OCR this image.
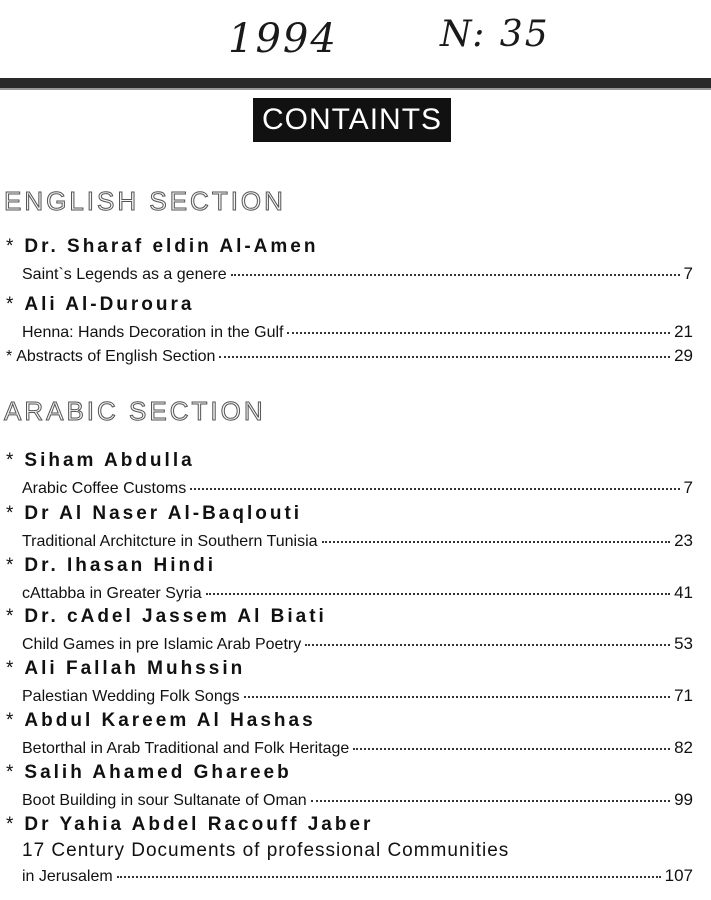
1994	N: 35
CONTAINTS
ENGLISH SECTION
* Dr. Sharaf eldin Al-Amen
Saint`s Legends as a genere	7
* Ali Al-Duroura
Henna: Hands Decoration in the Gulf	21
* Abstracts of English Section	29
ARABIC SECTION
* Siham Abdulla
Arabic Coffee Customs	7
* Dr Al Naser Al-Baqlouti
Traditional Architcture in Southern Tunisia	23
* Dr. Ihasan Hindi
cAttabba in Greater Syria	41
* Dr. cAdel Jassem Al Biati
Child Games in pre Islamic Arab Poetry	53
* Ali Fallah Muhssin
Palestian Wedding Folk Songs	71
* Abdul Kareem Al Hashas
Betorthal in Arab Traditional and Folk Heritage	82
* Salih Ahamed Ghareeb
Boot Building in sour Sultanate of Oman	99
* Dr Yahia Abdel Racouff Jaber
17 Century Documents of professional Communities
in Jerusalem	107
